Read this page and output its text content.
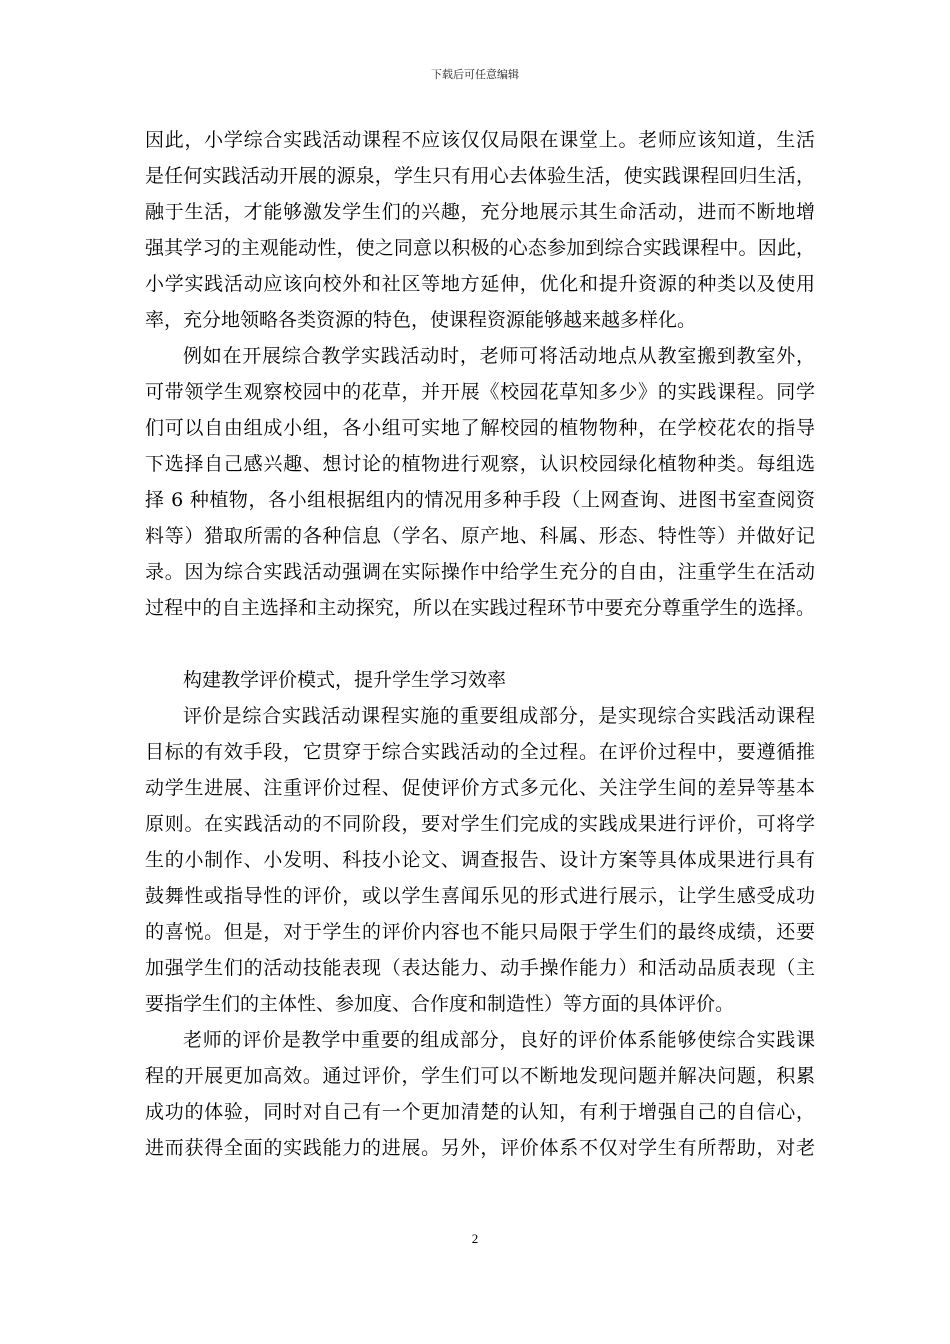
下载后可任意编辑
因此，小学综合实践活动课程不应该仅仅局限在课堂上。老师应该知道，生活
是任何实践活动开展的源泉，学生只有用心去体验生活，使实践课程回归生活，
融于生活，才能够激发学生们的兴趣，充分地展示其生命活动，进而不断地增
强其学习的主观能动性，使之同意以积极的心态参加到综合实践课程中。因此，
小学实践活动应该向校外和社区等地方延伸，优化和提升资源的种类以及使用
率，充分地领略各类资源的特色，使课程资源能够越来越多样化。
例如在开展综合教学实践活动时，老师可将活动地点从教室搬到教室外，
可带领学生观察校园中的花草，并开展《校园花草知多少》的实践课程。同学
们可以自由组成小组，各小组可实地了解校园的植物物种，在学校花农的指导
下选择自己感兴趣、想讨论的植物进行观察，认识校园绿化植物种类。每组选
择 6 种植物，各小组根据组内的情况用多种手段（上网查询、进图书室查阅资
料等）猎取所需的各种信息（学名、原产地、科属、形态、特性等）并做好记
录。因为综合实践活动强调在实际操作中给学生充分的自由，注重学生在活动
过程中的自主选择和主动探究，所以在实践过程环节中要充分尊重学生的选择。
构建教学评价模式，提升学生学习效率
评价是综合实践活动课程实施的重要组成部分，是实现综合实践活动课程
目标的有效手段，它贯穿于综合实践活动的全过程。在评价过程中，要遵循推
动学生进展、注重评价过程、促使评价方式多元化、关注学生间的差异等基本
原则。在实践活动的不同阶段，要对学生们完成的实践成果进行评价，可将学
生的小制作、小发明、科技小论文、调查报告、设计方案等具体成果进行具有
鼓舞性或指导性的评价，或以学生喜闻乐见的形式进行展示，让学生感受成功
的喜悦。但是，对于学生的评价内容也不能只局限于学生们的最终成绩，还要
加强学生们的活动技能表现（表达能力、动手操作能力）和活动品质表现（主
要指学生们的主体性、参加度、合作度和制造性）等方面的具体评价。
老师的评价是教学中重要的组成部分，良好的评价体系能够使综合实践课
程的开展更加高效。通过评价，学生们可以不断地发现问题并解决问题，积累
成功的体验，同时对自己有一个更加清楚的认知，有利于增强自己的自信心，
进而获得全面的实践能力的进展。另外，评价体系不仅对学生有所帮助，对老
2
